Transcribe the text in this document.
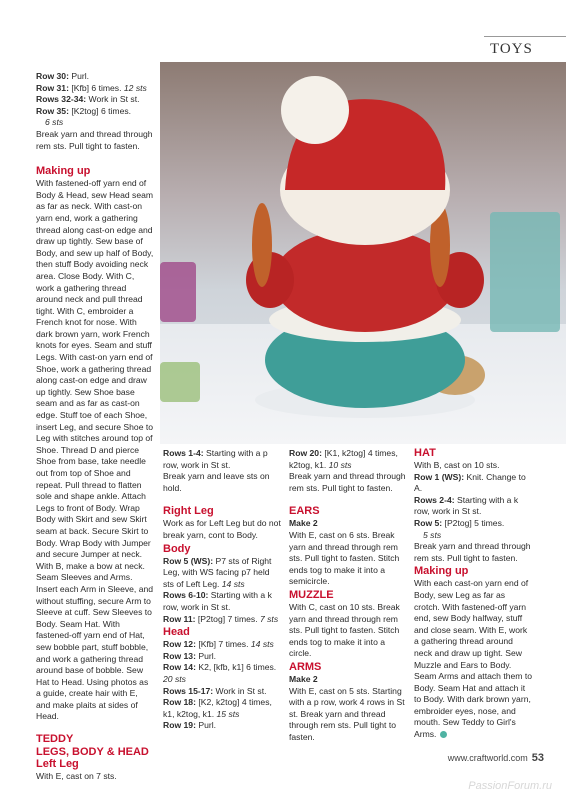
TOYS

Row 30: Purl.

Row 31: [Kfb] 6 times. 12 sts

Rows 32-34: Work in St st.

Row 35: [K2tog] 6 times.

6 sts

Break yarn and thread through rem sts. Pull tight to fasten.

Making up

With fastened-off yarn end of Body & Head, sew Head seam as far as neck. With cast-on yarn end, work a gathering thread along cast-on edge and draw up tightly. Sew base of Body, and sew up half of Body, then stuff Body avoiding neck area. Close Body. With C, work a gathering thread around neck and pull thread tight. With C, embroider a French knot for nose. With dark brown yarn, work French knots for eyes. Seam and stuff Legs. With cast-on yarn end of Shoe, work a gathering thread along cast-on edge and draw up tightly. Sew Shoe base seam and as far as cast-on edge. Stuff toe of each Shoe, insert Leg, and secure Shoe to Leg with stitches around top of Shoe. Thread D and pierce Shoe from base, take needle out from top of Shoe and repeat. Pull thread to flatten sole and shape ankle. Attach Legs to front of Body. Wrap Body with Skirt and sew Skirt seam at back. Secure Skirt to Body. Wrap Body with Jumper and secure Jumper at neck. With B, make a bow at neck. Seam Sleeves and Arms. Insert each Arm in Sleeve, and without stuffing, secure Arm to Sleeve at cuff. Sew Sleeves to Body. Seam Hat. With fastened-off yarn end of Hat, sew bobble part, stuff bobble, and work a gathering thread around base of bobble. Sew Hat to Head. Using photos as a guide, create hair with E, and make plaits at sides of Head.

TEDDY

LEGS, BODY & HEAD

Left Leg

With E, cast on 7 sts.

Rows 1-4: Starting with a p row, work in St st.

Break yarn and leave sts on hold.

Right Leg

Work as for Left Leg but do not break yarn, cont to Body.

Body

Row 5 (WS): P7 sts of Right Leg, with WS facing p7 held sts of Left Leg. 14 sts

Rows 6-10: Starting with a k row, work in St st.

Row 11: [P2tog] 7 times. 7 sts

Head

Row 12: [Kfb] 7 times. 14 sts

Row 13: Purl.

Row 14: K2, [kfb, k1] 6 times. 20 sts

Rows 15-17: Work in St st.

Row 18: [K2, k2tog] 4 times, k1, k2tog, k1. 15 sts

Row 19: Purl.

Row 20: [K1, k2tog] 4 times, k2tog, k1. 10 sts

Break yarn and thread through rem sts. Pull tight to fasten.

EARS

Make 2

With E, cast on 6 sts. Break yarn and thread through rem sts. Pull tight to fasten. Stitch ends tog to make it into a semicircle.

MUZZLE

With C, cast on 10 sts. Break yarn and thread through rem sts. Pull tight to fasten. Stitch ends tog to make it into a circle.

ARMS

Make 2

With E, cast on 5 sts. Starting with a p row, work 4 rows in St st. Break yarn and thread through rem sts. Pull tight to fasten.

HAT

With B, cast on 10 sts.

Row 1 (WS): Knit. Change to A.

Rows 2-4: Starting with a k row, work in St st.

Row 5: [P2tog] 5 times.

5 sts

Break yarn and thread through rem sts. Pull tight to fasten.

Making up

With each cast-on yarn end of Body, sew Leg as far as crotch. With fastened-off yarn end, sew Body halfway, stuff and close seam. With E, work a gathering thread around neck and draw up tight. Sew Muzzle and Ears to Body. Seam Arms and attach them to Body. Seam Hat and attach it to Body. With dark brown yarn, embroider eyes, nose, and mouth. Sew Teddy to Girl's Arms.

www.craftworld.com 53
PassionForum.ru
